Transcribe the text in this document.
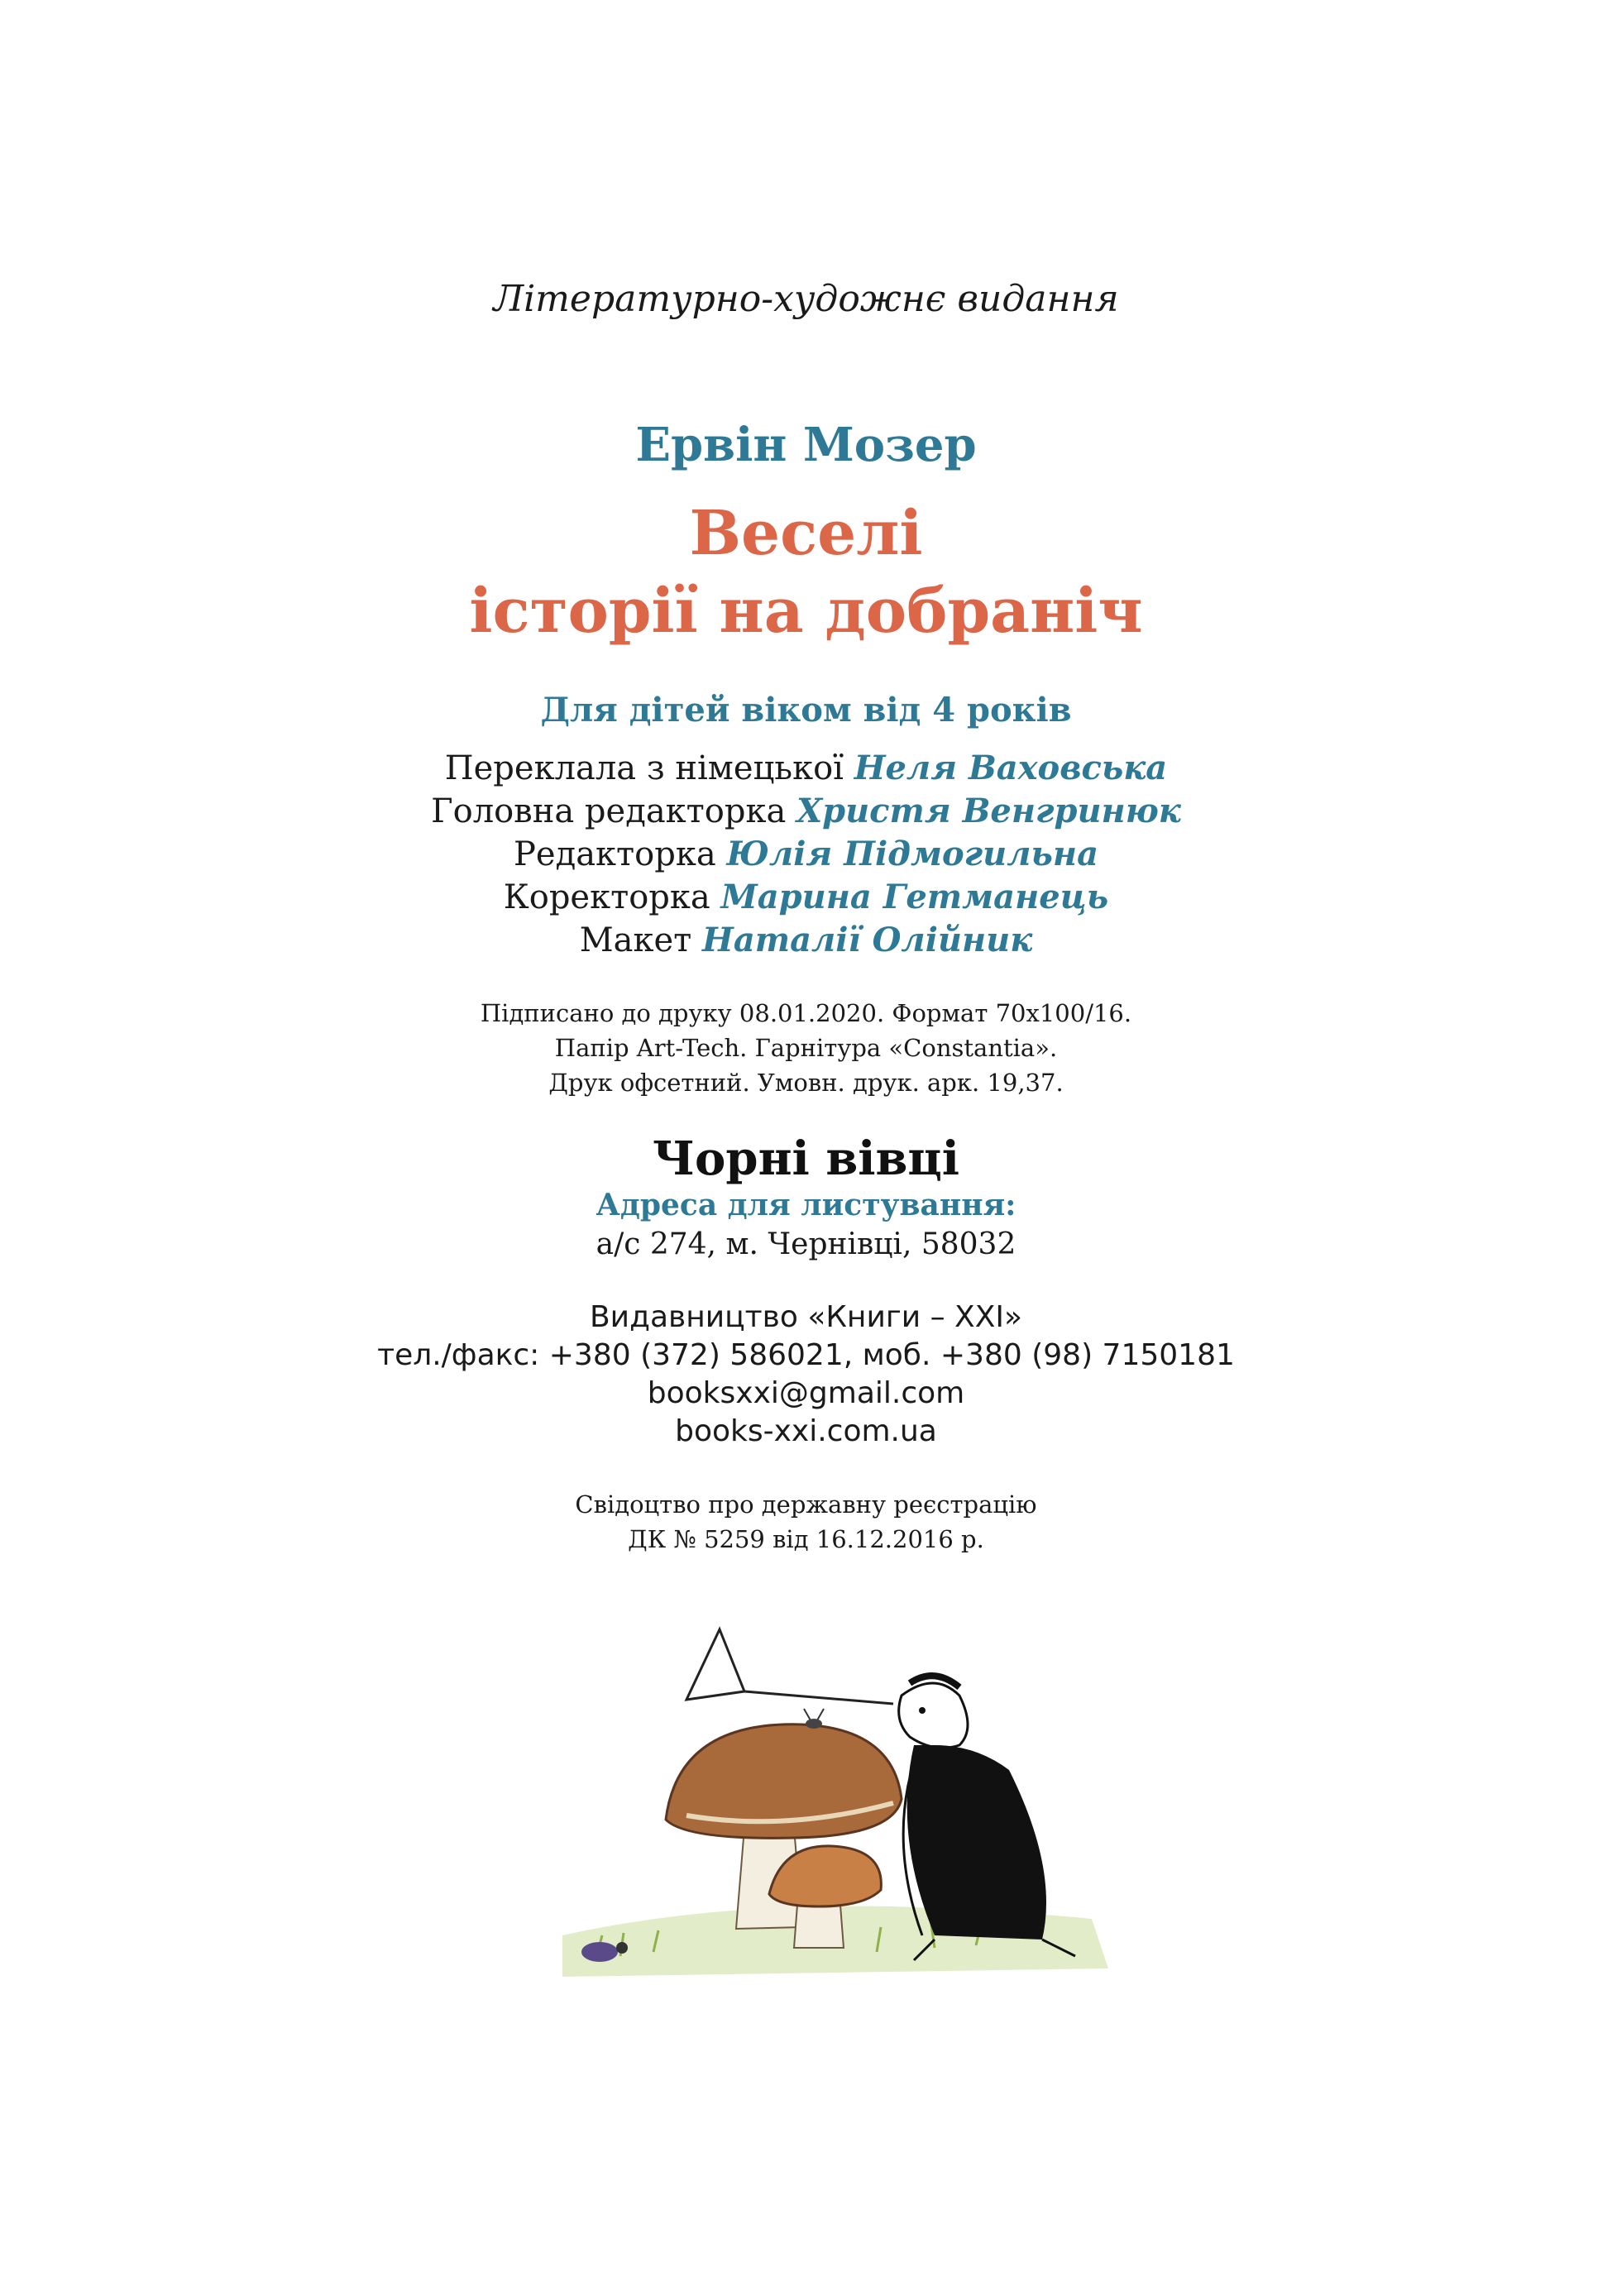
Літературно-художнє видання
Ервін Мозер
Веселі
історії на добраніч
Для дітей віком від 4 років
Переклала з німецької Неля Ваховська
Головна редакторка Христя Венгринюк
Редакторка Юлія Підмогильна
Коректорка Марина Гетманець
Макет Наталії Олійник
Підписано до друку 08.01.2020. Формат 70х100/16.
Папір Art-Tech. Гарнітура «Constantia».
Друк офсетний. Умовн. друк. арк. 19,37.
Чорні вівці
Адреса для листування:
а/с 274, м. Чернівці, 58032
Видавництво «Книги – XXI»
тел./факс: +380 (372) 586021, моб. +380 (98) 7150181
booksxxi@gmail.com
books-xxi.com.ua
Свідоцтво про державну реєстрацію
ДК № 5259 від 16.12.2016 р.
